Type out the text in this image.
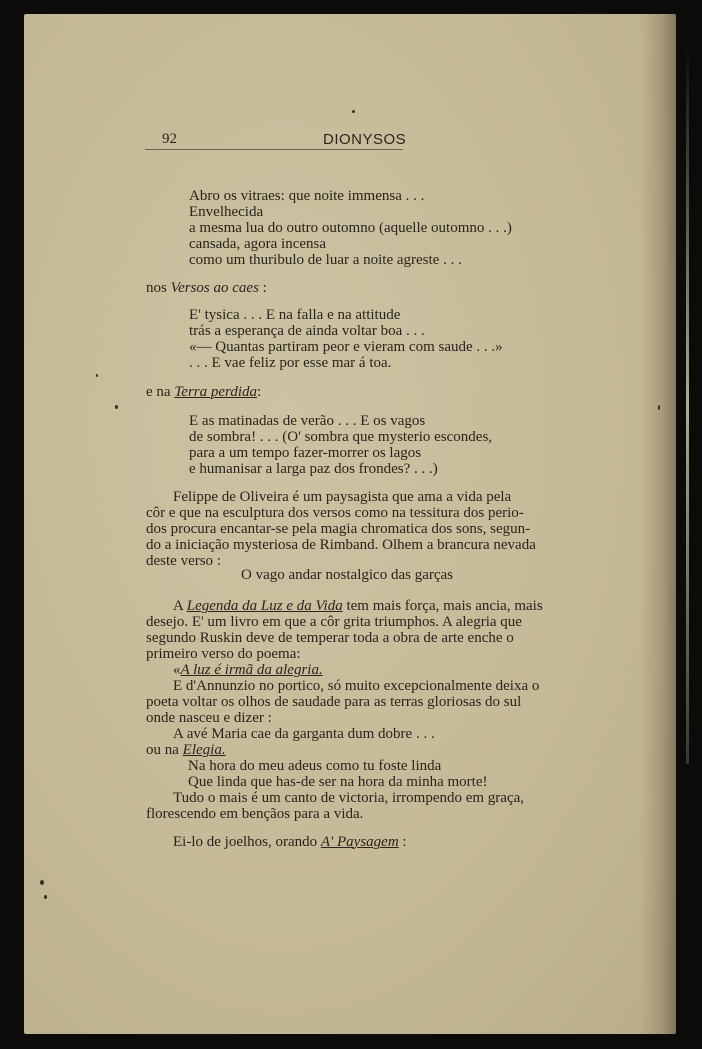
92	DIONYSOS
Abro os vitraes: que noite immensa . . .
Envelhecida
a mesma lua do outro outomno (aquelle outomno . . .)
cansada, agora incensa
como um thuribulo de luar a noite agreste . . .
nos Versos ao caes :
E' tysica . . . E na falla e na attitude
trás a esperança de ainda voltar boa . . .
«— Quantas partiram peor e vieram com saude . . .»
. . . E vae feliz por esse mar á toa.
e na Terra perdida:
E as matinadas de verão . . . E os vagos
de sombra! . . . (O' sombra que mysterio escondes,
para a um tempo fazer-morrer os lagos
e humanisar a larga paz dos frondes? . . .)
Felippe de Oliveira é um paysagista que ama a vida pela
côr e que na esculptura dos versos como na tessitura dos perio-
dos procura encantar-se pela magia chromatica dos sons, segun-
do a iniciação mysteriosa de Rimband. Olhem a brancura nevada
deste verso :
O vago andar nostalgico das garças
A Legenda da Luz e da Vida tem mais força, mais ancia, mais
desejo. E' um livro em que a côr grita triumphos. A alegria que
segundo Ruskin deve de temperar toda a obra de arte enche o
primeiro verso do poema:
«A luz é irmã da alegria.
E d'Annunzio no portico, só muito excepcionalmente deixa o
poeta voltar os olhos de saudade para as terras gloriosas do sul
onde nasceu e dizer :
A avé Maria cae da garganta dum dobre . . .
ou na Elegia.
Na hora do meu adeus como tu foste linda
Que linda que has-de ser na hora da minha morte!
Tudo o mais é um canto de victoria, irrompendo em graça,
florescendo em bençãos para a vida.
Ei-lo de joelhos, orando A' Paysagem :
